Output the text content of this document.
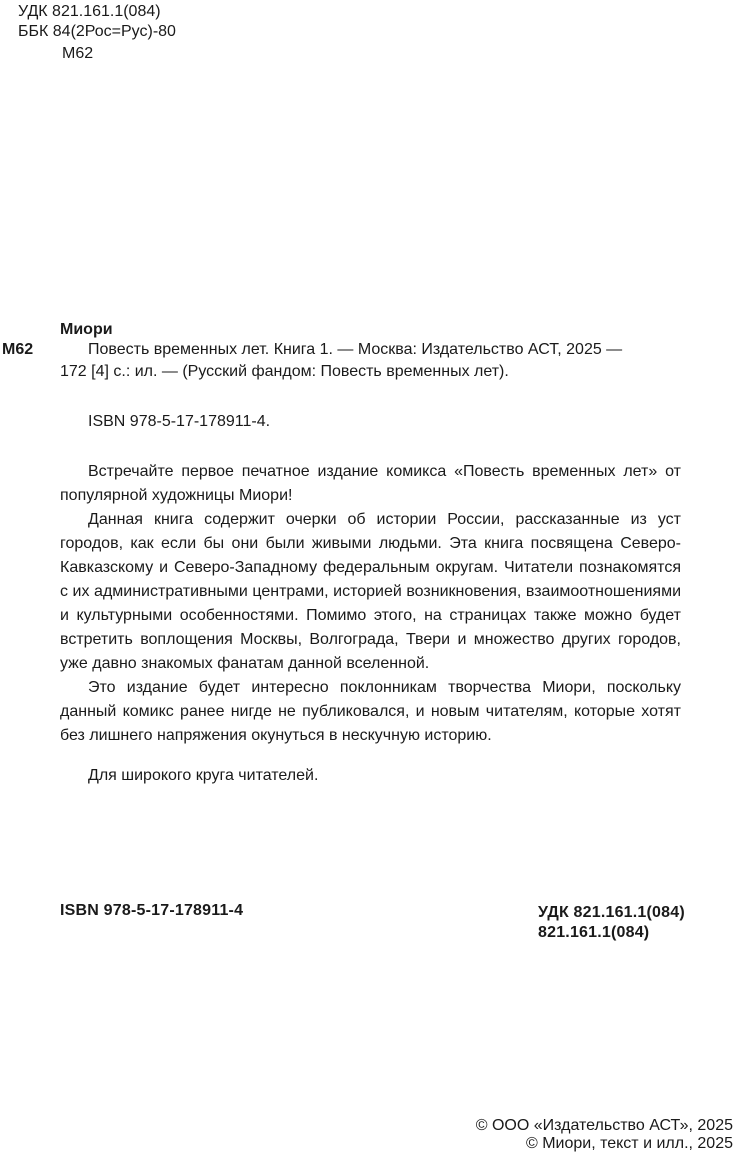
УДК 821.161.1(084)
ББК 84(2Рос=Рус)-80
М62
Миори
М62	Повесть временных лет. Книга 1. — Москва: Издательство АСТ, 2025 —
172 [4] с.: ил. — (Русский фандом: Повесть временных лет).
ISBN 978-5-17-178911-4.

Встречайте первое печатное издание комикса «Повесть временных лет» от популярной художницы Миори!

Данная книга содержит очерки об истории России, рассказанные из уст городов, как если бы они были живыми людьми. Эта книга посвящена Северо-Кавказскому и Северо-Западному федеральным округам. Читатели познакомятся с их административными центрами, историей возникновения, взаимоотношениями и культурными особенностями. Помимо этого, на страницах также можно будет встретить воплощения Москвы, Волгограда, Твери и множество других городов, уже давно знакомых фанатам данной вселенной.

Это издание будет интересно поклонникам творчества Миори, поскольку данный комикс ранее нигде не публиковался, и новым читателям, которые хотят без лишнего напряжения окунуться в нескучную историю.

Для широкого круга читателей.

ISBN 978-5-17-178911-4	УДК 821.161.1(084)
821.161.1(084)
© ООО «Издательство АСТ», 2025
© Миори, текст и илл., 2025
